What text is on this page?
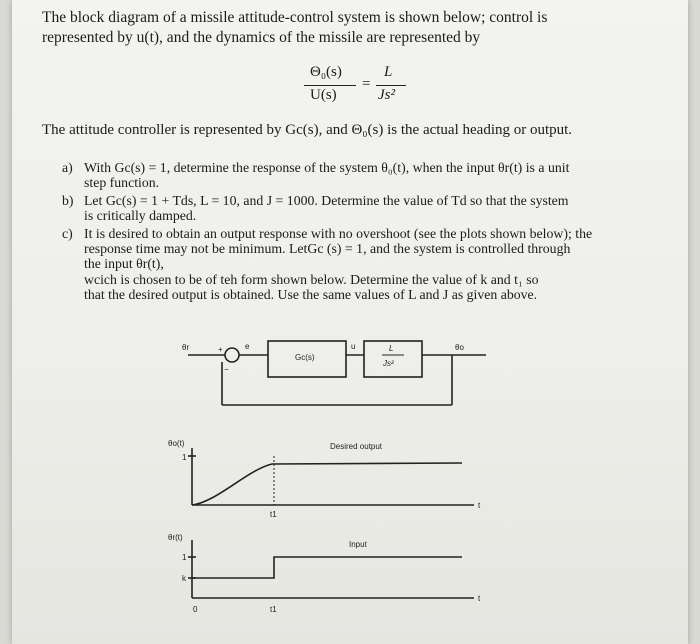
The block diagram of a missile attitude-control system is shown below; control is
represented by u(t), and the dynamics of the missile are represented by
Θ₀(s)
U(s)
=
L
Js²
The attitude controller is represented by Gc(s), and Θ₀(s) is the actual heading or output.
a) With Gc(s) = 1, determine the response of the system θ₀(t), when the input θr(t) is a unit
step function.
b) Let Gc(s) = 1 + Tds, L = 10, and J = 1000. Determine the value of Td so that the system
is critically damped.
c) It is desired to obtain an output response with no overshoot (see the plots shown below); the
response time may not be minimum. LetGc (s) = 1, and the system is controlled through
the input θr(t),
wcich is chosen to be of teh form shown below. Determine the value of k and t₁ so
that the desired output is obtained. Use the same values of L and J as given above.
θr	+
−
e
Gc(s)
u	L
Js²
θo
θo(t)	Desired output
1
t1
t
θr(t)
Input
1
k
0	t1
t
